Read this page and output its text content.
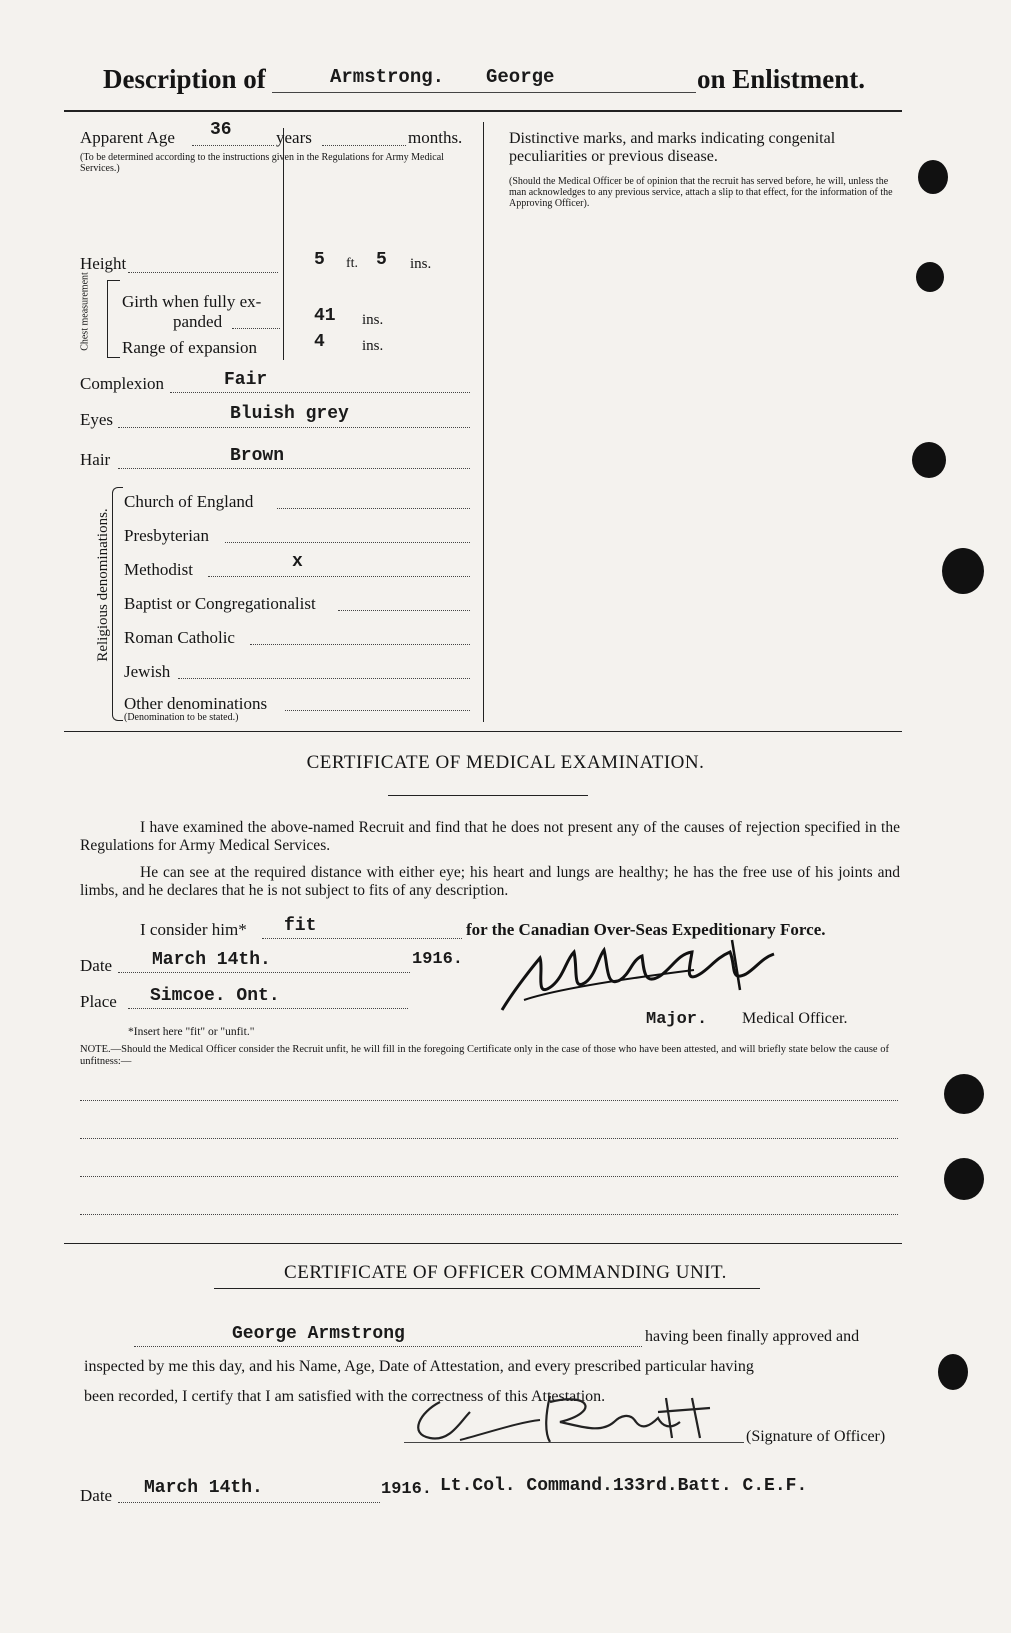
Description of	Armstrong. George	on Enlistment.
Apparent Age 36	years	months.
(To be determined according to the instructions given in the Regulations for Army Medical Services.)
Height	5 ft. 5 ins.
Chest measurement Girth when fully ex-
panded	41 ins.
Range of expansion	4 ins.
Complexion	Fair
Eyes	Bluish grey
Hair	Brown
Religious denominations.
Church of England
Presbyterian
Methodist	x
Baptist or Congregationalist
Roman Catholic
Jewish
Other denominations
(Denomination to be stated.)
Distinctive marks, and marks indicating congenital peculiarities or previous disease.
(Should the Medical Officer be of opinion that the recruit has served before, he will, unless the man acknowledges to any previous service, attach a slip to that effect, for the information of the Approving Officer).
CERTIFICATE OF MEDICAL EXAMINATION.
I have examined the above-named Recruit and find that he does not present any of the causes of rejection specified in the Regulations for Army Medical Services.
He can see at the required distance with either eye; his heart and lungs are healthy; he has the free use of his joints and limbs, and he declares that he is not subject to fits of any description.
I consider him* fit	for the Canadian Over-Seas Expeditionary Force.
Date March 14th.	1916.
Place Simcoe. Ont.
*Insert here "fit" or "unfit."
Major. Medical Officer.
NOTE.—Should the Medical Officer consider the Recruit unfit, he will fill in the foregoing Certificate only in the case of those who have been attested, and will briefly state below the cause of unfitness:—
CERTIFICATE OF OFFICER COMMANDING UNIT.
George Armstrong	having been finally approved and
inspected by me this day, and his Name, Age, Date of Attestation, and every prescribed particular having
been recorded, I certify that I am satisfied with the correctness of this Attestation.
(Signature of Officer)
Date March 14th.	1916. Lt.Col. Command.133rd.Batt. C.E.F.
